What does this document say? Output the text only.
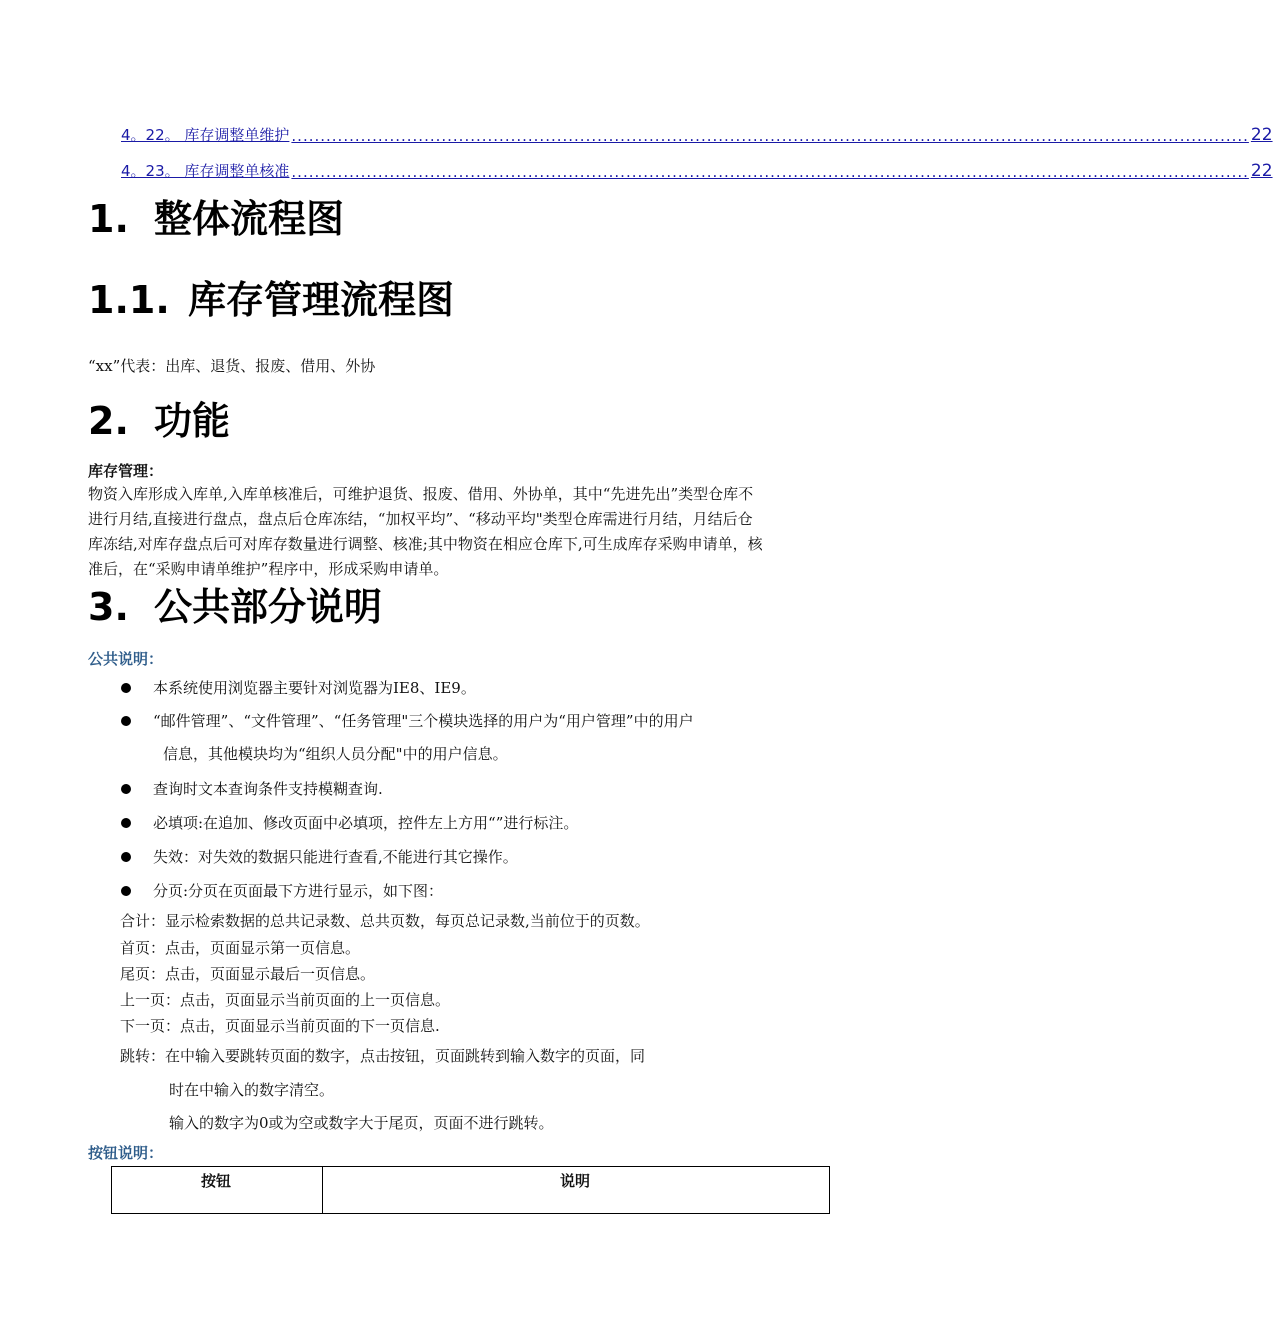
4。22。 库存调整单维护 ...................................................................................................................................................................... 22
4。23。 库存调整单核准 ...................................................................................................................................................................... 22
1. 整体流程图
1.1. 库存管理流程图
“xx”代表：出库、退货、报废、借用、外协
2. 功能
库存管理：
物资入库形成入库单,入库单核准后，可维护退货、报废、借用、外协单，其中“先进先出”类型仓库不
进行月结,直接进行盘点，盘点后仓库冻结，“加权平均”、“移动平均"类型仓库需进行月结，月结后仓
库冻结,对库存盘点后可对库存数量进行调整、核准;其中物资在相应仓库下,可生成库存采购申请单，核
准后，在“采购申请单维护”程序中，形成采购申请单。
3. 公共部分说明
公共说明：
本系统使用浏览器主要针对浏览器为IE8、IE9。
“邮件管理”、“文件管理”、“任务管理"三个模块选择的用户为“用户管理”中的用户
信息，其他模块均为“组织人员分配"中的用户信息。
查询时文本查询条件支持模糊查询.
必填项:在追加、修改页面中必填项，控件左上方用“”进行标注。
失效：对失效的数据只能进行查看,不能进行其它操作。
分页:分页在页面最下方进行显示，如下图：
合计：显示检索数据的总共记录数、总共页数，每页总记录数,当前位于的页数。
首页：点击，页面显示第一页信息。
尾页：点击，页面显示最后一页信息。
上一页：点击，页面显示当前页面的上一页信息。
下一页：点击，页面显示当前页面的下一页信息.
跳转：在中输入要跳转页面的数字，点击按钮，页面跳转到输入数字的页面，同
时在中输入的数字清空。
输入的数字为0或为空或数字大于尾页，页面不进行跳转。
按钮说明：
按钮	说明
